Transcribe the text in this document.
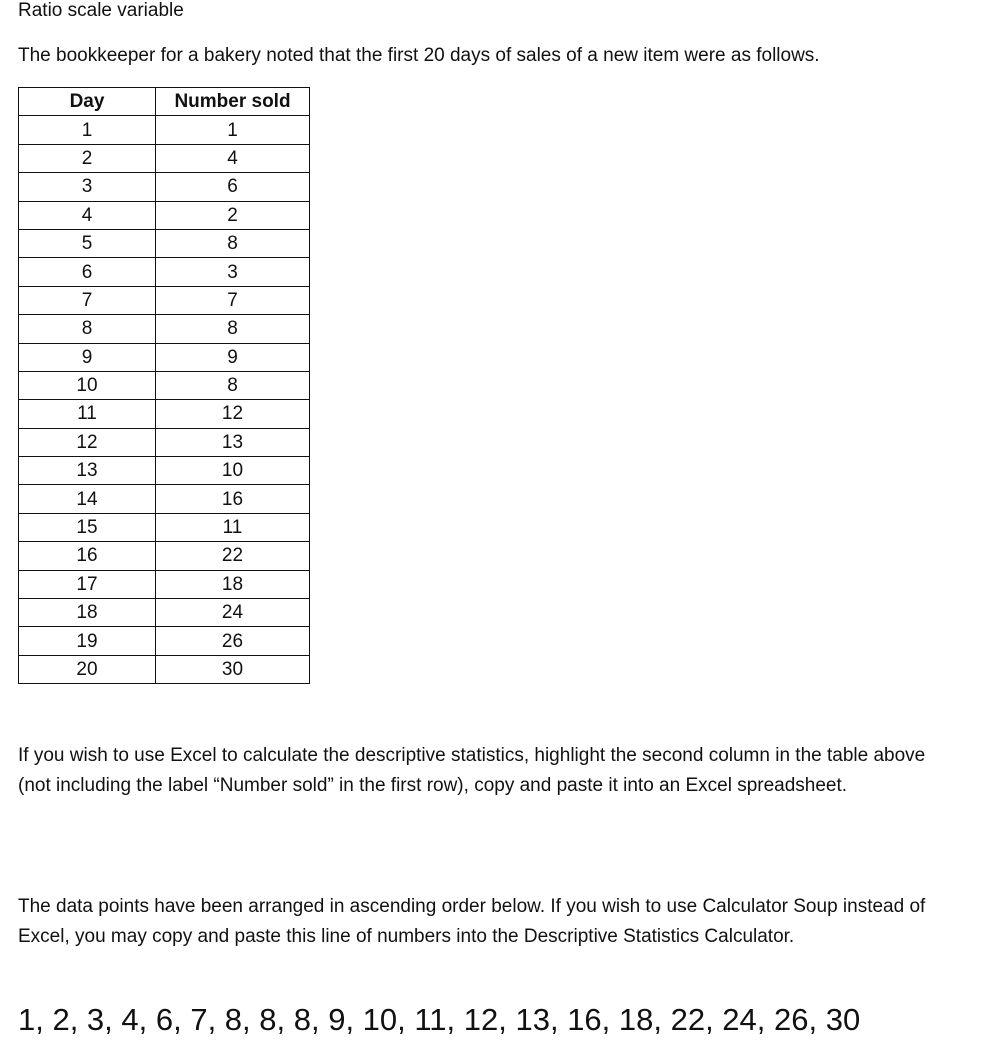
Ratio scale variable
The bookkeeper for a bakery noted that the first 20 days of sales of a new item were as follows.
Day	Number sold
1	1
2	4
3	6
4	2
5	8
6	3
7	7
8	8
9	9
10	8
11	12
12	13
13	10
14	16
15	11
16	22
17	18
18	24
19	26
20	30
If you wish to use Excel to calculate the descriptive statistics, highlight the second column in the table above (not including the label “Number sold” in the first row), copy and paste it into an Excel spreadsheet.
The data points have been arranged in ascending order below. If you wish to use Calculator Soup instead of Excel, you may copy and paste this line of numbers into the Descriptive Statistics Calculator.
1, 2, 3, 4, 6, 7, 8, 8, 8, 9, 10, 11, 12, 13, 16, 18, 22, 24, 26, 30
